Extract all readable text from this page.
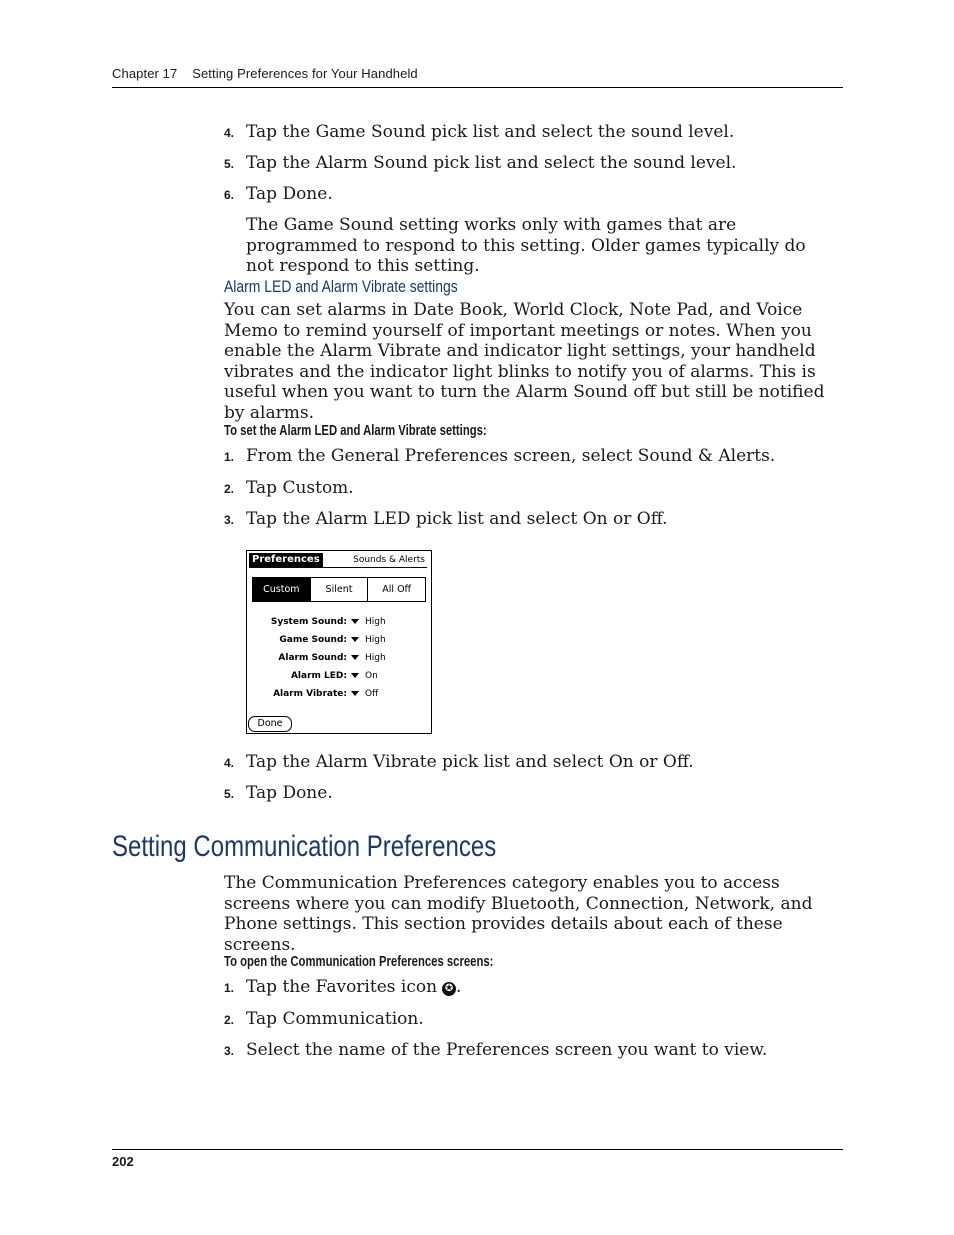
Chapter 17 Setting Preferences for Your Handheld
4. Tap the Game Sound pick list and select the sound level.
5. Tap the Alarm Sound pick list and select the sound level.
6. Tap Done.
The Game Sound setting works only with games that are programmed to respond to this setting. Older games typically do not respond to this setting.
Alarm LED and Alarm Vibrate settings
You can set alarms in Date Book, World Clock, Note Pad, and Voice Memo to remind yourself of important meetings or notes. When you enable the Alarm Vibrate and indicator light settings, your handheld vibrates and the indicator light blinks to notify you of alarms. This is useful when you want to turn the Alarm Sound off but still be notified by alarms.
To set the Alarm LED and Alarm Vibrate settings:
1. From the General Preferences screen, select Sound & Alerts.
2. Tap Custom.
3. Tap the Alarm LED pick list and select On or Off.
Preferences	Sounds & Alerts
Custom	Silent	All Off
System Sound: High
Game Sound: High
Alarm Sound: High
Alarm LED: On
Alarm Vibrate: Off
Done
4. Tap the Alarm Vibrate pick list and select On or Off.
5. Tap Done.
Setting Communication Preferences
The Communication Preferences category enables you to access screens where you can modify Bluetooth, Connection, Network, and Phone settings. This section provides details about each of these screens.
To open the Communication Preferences screens:
1. Tap the Favorites icon ✪ .
2. Tap Communication.
3. Select the name of the Preferences screen you want to view.
202
